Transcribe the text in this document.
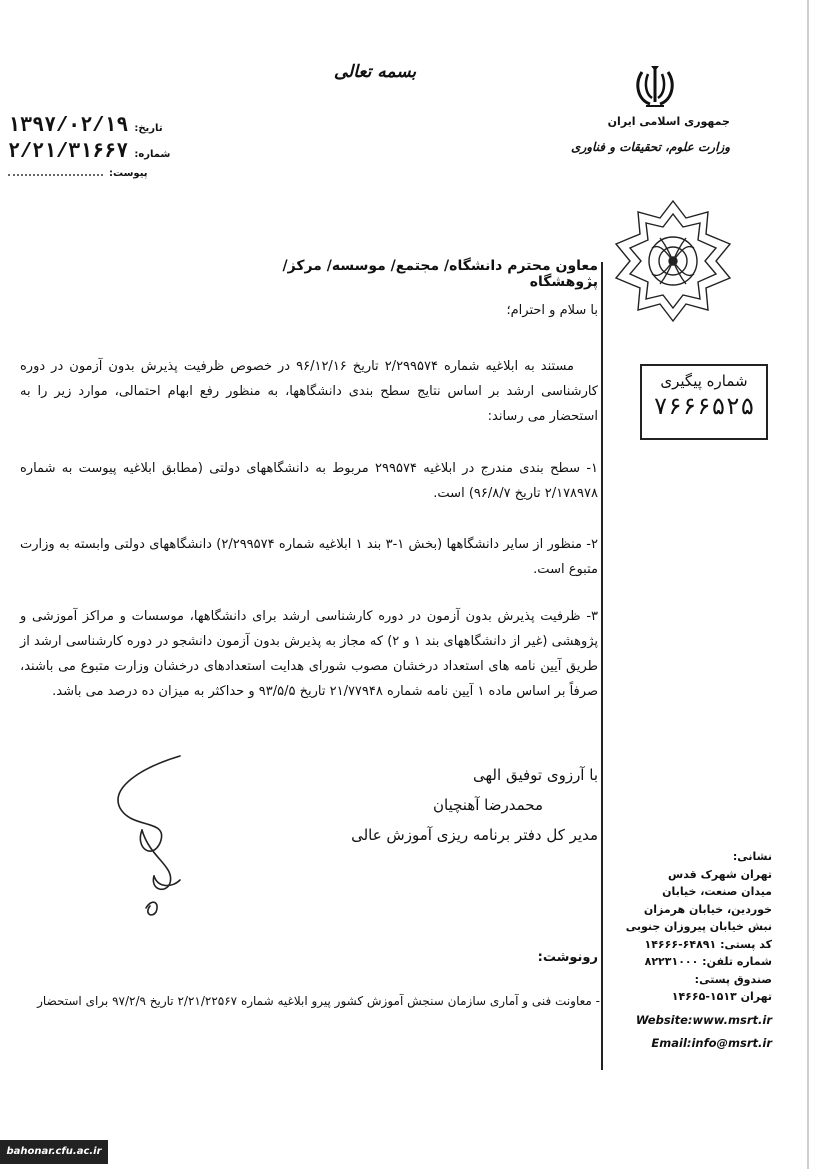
بسمه تعالی
تاریخ:
۱۳۹۷/۰۲/۱۹
شماره:
۲/۲۱/۳۱۶۶۷
پیوست:
جمهوری اسلامی ایران
وزارت علوم، تحقیقات و فناوری
شماره پیگیری
۷۶۶۶۵۲۵
معاون محترم دانشگاه/ مجتمع/ موسسه/ مرکز/ پژوهشگاه
با سلام و احترام؛
مستند به ابلاغیه شماره ۲/۲۹۹۵۷۴ تاریخ ۹۶/۱۲/۱۶ در خصوص ظرفیت پذیرش بدون آزمون در دوره کارشناسی ارشد بر اساس نتایج سطح بندی دانشگاهها، به منظور رفع ابهام احتمالی، موارد زیر را به استحضار می رساند:
۱- سطح بندی مندرج در ابلاغیه ۲۹۹۵۷۴ مربوط به دانشگاههای دولتی (مطابق ابلاغیه پیوست به شماره ۲/۱۷۸۹۷۸ تاریخ ۹۶/۸/۷) است.
۲- منظور از سایر دانشگاهها (بخش ۱-۳ بند ۱ ابلاغیه شماره ۲/۲۹۹۵۷۴) دانشگاههای دولتی وابسته به وزارت متبوع است.
۳- ظرفیت پذیرش بدون آزمون در دوره کارشناسی ارشد برای دانشگاهها، موسسات و مراکز آموزشی و پژوهشی (غیر از دانشگاههای بند ۱ و ۲) که مجاز به پذیرش بدون آزمون دانشجو در دوره کارشناسی ارشد از طریق آیین نامه های استعداد درخشان مصوب شورای هدایت استعدادهای درخشان وزارت متبوع می باشند، صرفاً بر اساس ماده ۱ آیین نامه شماره ۲۱/۷۷۹۴۸ تاریخ ۹۳/۵/۵ و حداکثر به میزان ده درصد می باشد.
با آرزوی توفیق الهی
محمدرضا آهنچیان
مدیر کل دفتر برنامه ریزی آموزش عالی
رونوشت:
- معاونت فنی و آماری سازمان سنجش آموزش کشور پیرو ابلاغیه شماره ۲/۲۱/۲۲۵۶۷ تاریخ ۹۷/۲/۹ برای استحضار
نشانی:
تهران شهرک قدس
میدان صنعت، خیابان
خوردین، خیابان هرمزان
نبش خیابان پیروزان جنوبی
کد پستی: ۶۴۸۹۱-۱۴۶۶۶
شماره تلفن: ۸۲۲۳۱۰۰۰
صندوق پستی:
تهران ۱۵۱۳-۱۴۶۶۵
Website:www.msrt.ir
Email:info@msrt.ir
bahonar.cfu.ac.ir
